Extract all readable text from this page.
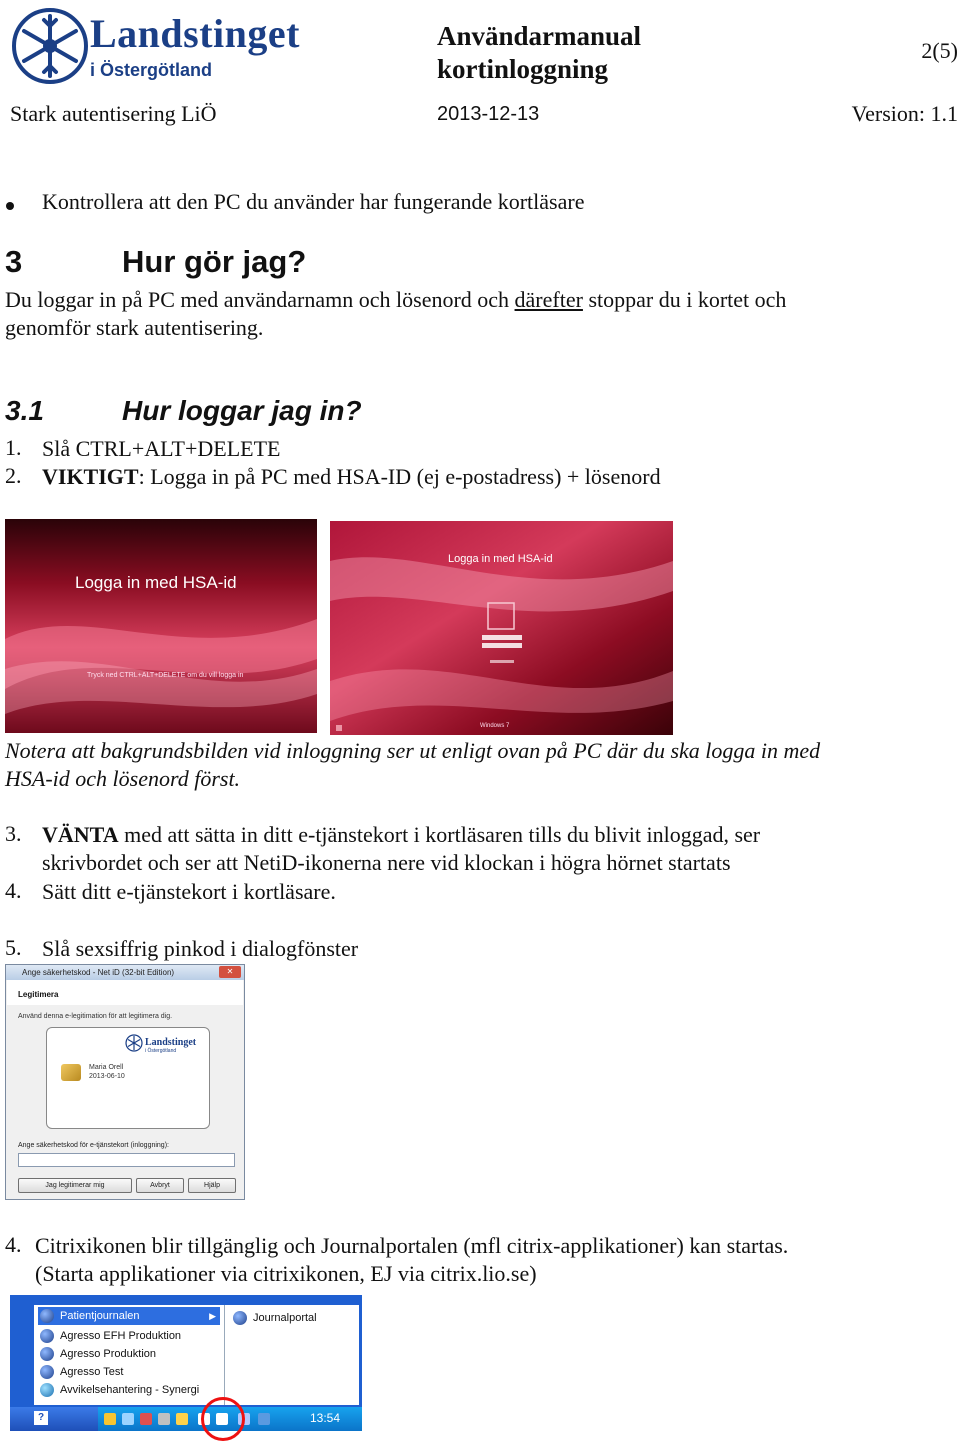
Landstinget
i Östergötland
Användarmanual
kortinloggning
2(5)
Stark autentisering LiÖ	2013-12-13	Version: 1.1
Kontrollera att den PC du använder har fungerande kortläsare
3	Hur gör jag?
Du loggar in på PC med användarnamn och lösenord och därefter stoppar du i kortet och
genomför stark autentisering.
3.1	Hur loggar jag in?
1. Slå CTRL+ALT+DELETE
2. VIKTIGT: Logga in på PC med HSA-ID (ej e-postadress) + lösenord
Logga in med HSA-id
Tryck ned CTRL+ALT+DELETE om du vill logga in
Logga in med HSA-id
Windows 7
Notera att bakgrundsbilden vid inloggning ser ut enligt ovan på PC där du ska logga in med
HSA-id och lösenord först.
3. VÄNTA med att sätta in ditt e-tjänstekort i kortläsaren tills du blivit inloggad, ser
skrivbordet och ser att NetiD-ikonerna nere vid klockan i högra hörnet startats
4. Sätt ditt e-tjänstekort i kortläsare.
5. Slå sexsiffrig pinkod i dialogfönster
Ange säkerhetskod - Net iD (32-bit Edition)	✕
Legitimera
Använd denna e-legitimation för att legitimera dig.
Landstinget
i Östergötland
Maria Orell
2013-06-10
Ange säkerhetskod för e-tjänstekort (inloggning):
Jag legitimerar mig	Avbryt	Hjälp
4. Citrixikonen blir tillgänglig och Journalportalen (mfl citrix-applikationer) kan startas.
(Starta applikationer via citrixikonen, EJ via citrix.lio.se)
Patientjournalen	▶
Agresso EFH Produktion
Agresso Produktion
Agresso Test
Avvikelsehantering - Synergi
Journalportal
?	13:54
